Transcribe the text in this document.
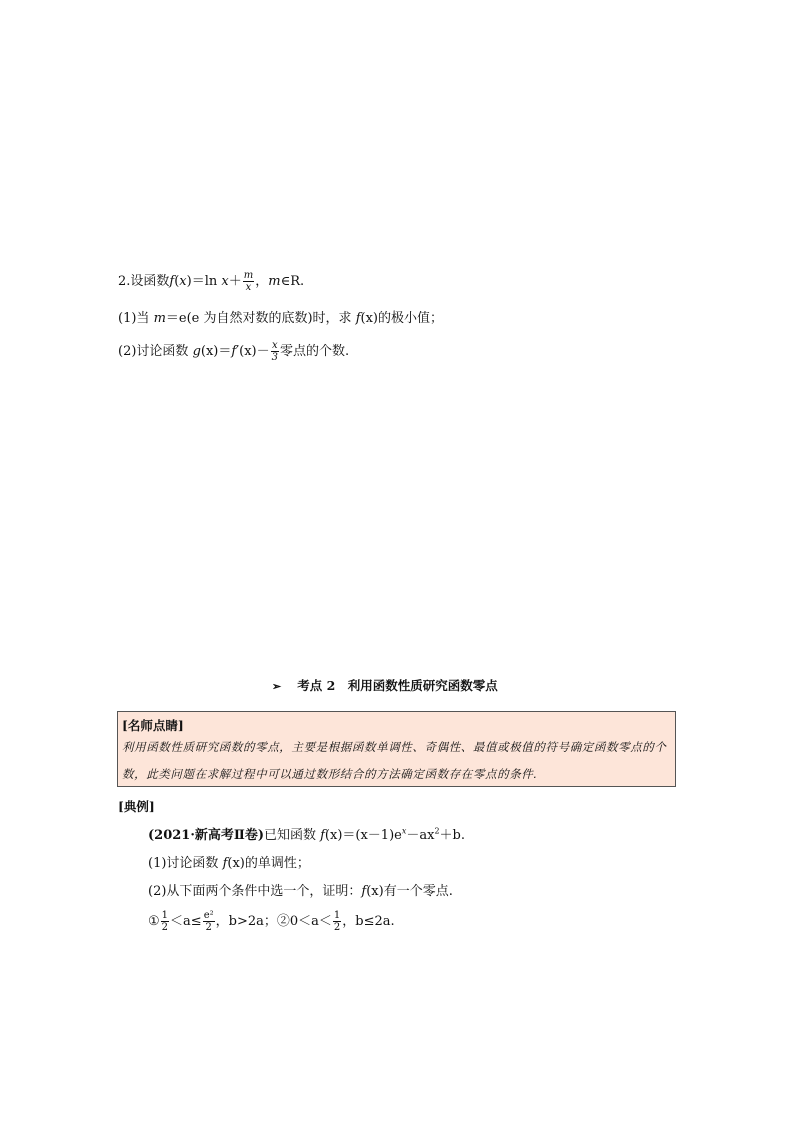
2.设函数f(x)＝ln $x+ \frac{m}{x}$ ，m∈R.
(1)当 m＝e(e 为自然对数的底数)时，求 f(x)的极小值；
(2)讨论函数 $g(x)=f'(x)- \frac{x}{3}$ 零点的个数.
➢ 考点 2　利用函数性质研究函数零点
[名师点睛]
利用函数性质研究函数的零点，主要是根据函数单调性、奇偶性、最值或极值的符号确定函数零点的个数，此类问题在求解过程中可以通过数形结合的方法确定函数存在零点的条件.
[典例]
(2021·新高考Ⅱ卷)已知函数 $f(x)=(x-1)e^x-ax^2+b$.
(1)讨论函数 f(x)的单调性；
(2)从下面两个条件中选一个，证明：f(x)有一个零点.
① $\frac{1}{2} <a\le \frac{\text{e²}}{2}$ ，b>2a；②0＜a＜ $\frac{1}{2}$ ，b≤2a.
